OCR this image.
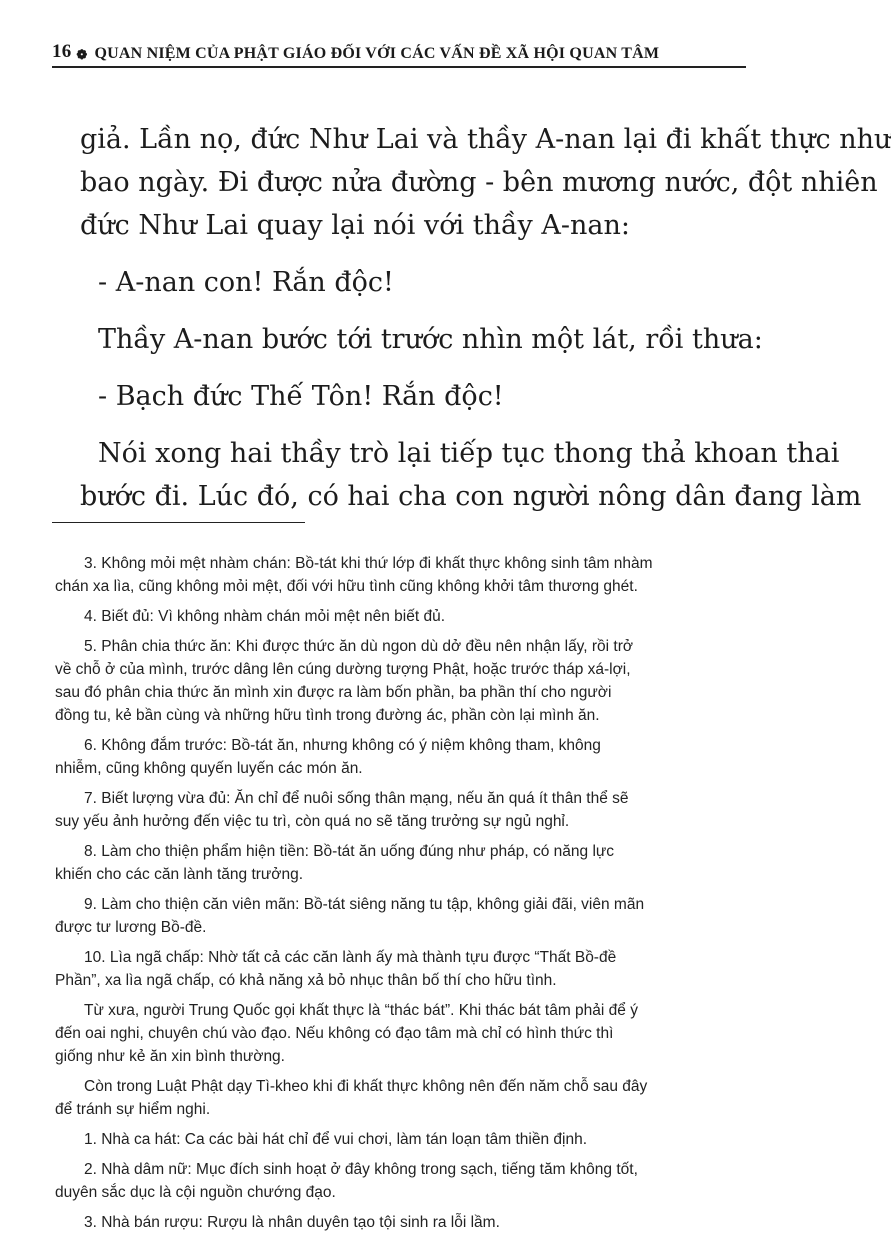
16 ❁ QUAN NIỆM CỦA PHẬT GIÁO ĐỐI VỚI CÁC VẤN ĐỀ XÃ HỘI QUAN TÂM
giả. Lần nọ, đức Như Lai và thầy A-nan lại đi khất thực như
bao ngày. Đi được nửa đường - bên mương nước, đột nhiên
đức Như Lai quay lại nói với thầy A-nan:
- A-nan con! Rắn độc!
Thầy A-nan bước tới trước nhìn một lát, rồi thưa:
- Bạch đức Thế Tôn! Rắn độc!
Nói xong hai thầy trò lại tiếp tục thong thả khoan thai
bước đi. Lúc đó, có hai cha con người nông dân đang làm
3. Không mỏi mệt nhàm chán: Bồ-tát khi thứ lớp đi khất thực không sinh tâm nhàm
chán xa lìa, cũng không mỏi mệt, đối với hữu tình cũng không khởi tâm thương ghét.
4. Biết đủ: Vì không nhàm chán mỏi mệt nên biết đủ.
5. Phân chia thức ăn: Khi được thức ăn dù ngon dù dở đều nên nhận lấy, rồi trở
về chỗ ở của mình, trước dâng lên cúng dường tượng Phật, hoặc trước tháp xá-lợi,
sau đó phân chia thức ăn mình xin được ra làm bốn phần, ba phần thí cho người
đồng tu, kẻ bần cùng và những hữu tình trong đường ác, phần còn lại mình ăn.
6. Không đắm trước: Bồ-tát ăn, nhưng không có ý niệm không tham, không
nhiễm, cũng không quyến luyến các món ăn.
7. Biết lượng vừa đủ: Ăn chỉ để nuôi sống thân mạng, nếu ăn quá ít thân thể sẽ
suy yếu ảnh hưởng đến việc tu trì, còn quá no sẽ tăng trưởng sự ngủ nghỉ.
8. Làm cho thiện phẩm hiện tiền: Bồ-tát ăn uống đúng như pháp, có năng lực
khiến cho các căn lành tăng trưởng.
9. Làm cho thiện căn viên mãn: Bồ-tát siêng năng tu tập, không giải đãi, viên mãn
được tư lương Bồ-đề.
10. Lìa ngã chấp: Nhờ tất cả các căn lành ấy mà thành tựu được “Thất Bồ-đề
Phần”, xa lìa ngã chấp, có khả năng xả bỏ nhục thân bố thí cho hữu tình.
Từ xưa, người Trung Quốc gọi khất thực là “thác bát”. Khi thác bát tâm phải để ý
đến oai nghi, chuyên chú vào đạo. Nếu không có đạo tâm mà chỉ có hình thức thì
giống như kẻ ăn xin bình thường.
Còn trong Luật Phật dạy Tì-kheo khi đi khất thực không nên đến năm chỗ sau đây
để tránh sự hiểm nghi.
1. Nhà ca hát: Ca các bài hát chỉ để vui chơi, làm tán loạn tâm thiền định.
2. Nhà dâm nữ: Mục đích sinh hoạt ở đây không trong sạch, tiếng tăm không tốt,
duyên sắc dục là cội nguồn chướng đạo.
3. Nhà bán rượu: Rượu là nhân duyên tạo tội sinh ra lỗi lầm.
